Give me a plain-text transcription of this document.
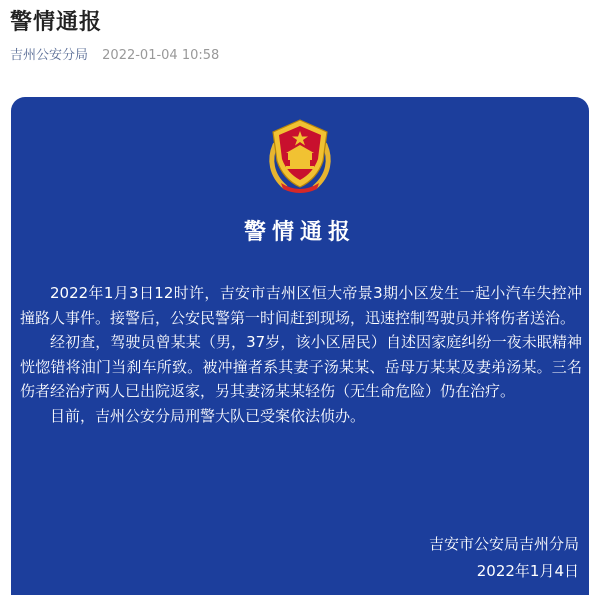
警情通报
吉州公安分局 2022-01-04 10:58
警情通报

2022年1月3日12时许，吉安市吉州区恒大帝景3期小区发生一起小汽车失控冲撞路人事件。接警后，公安民警第一时间赶到现场，迅速控制驾驶员并将伤者送治。

经初查，驾驶员曾某某（男，37岁，该小区居民）自述因家庭纠纷一夜未眠精神恍惚错将油门当刹车所致。被冲撞者系其妻子汤某某、岳母万某某及妻弟汤某。三名伤者经治疗两人已出院返家，另其妻汤某某轻伤（无生命危险）仍在治疗。

目前，吉州公安分局刑警大队已受案依法侦办。

吉安市公安局吉州分局
2022年1月4日
